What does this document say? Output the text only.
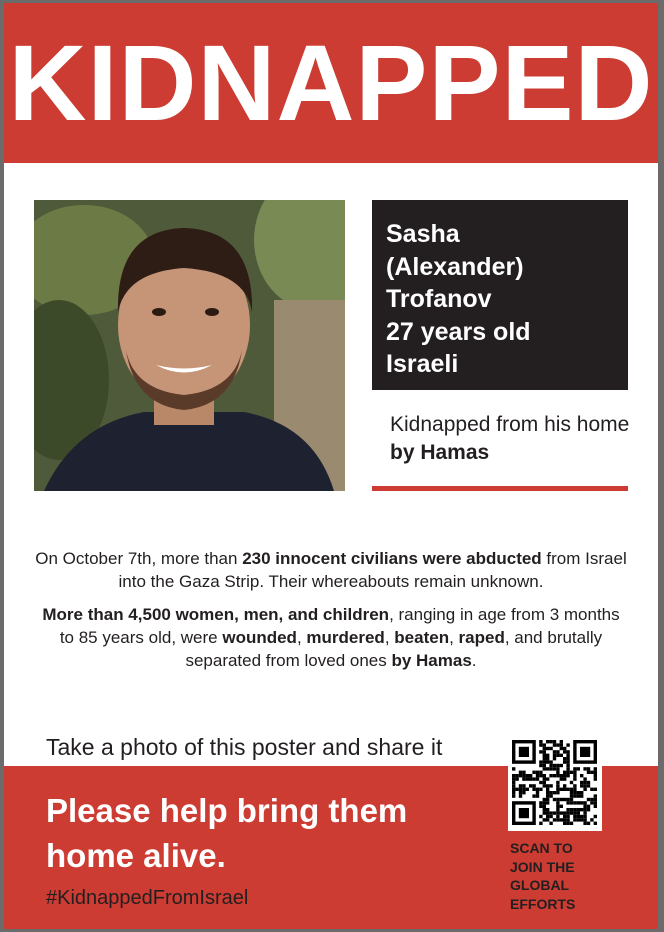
KIDNAPPED
Sasha
(Alexander)
Trofanov
27 years old
Israeli
Kidnapped from his home by Hamas
On October 7th, more than 230 innocent civilians were abducted from Israel into the Gaza Strip. Their whereabouts remain unknown.
More than 4,500 women, men, and children, ranging in age from 3 months to 85 years old, were wounded, murdered, beaten, raped, and brutally separated from loved ones by Hamas.
Take a photo of this poster and share it
Please help bring them home alive.
#KidnappedFromIsrael
SCAN TO
JOIN THE
GLOBAL
EFFORTS
